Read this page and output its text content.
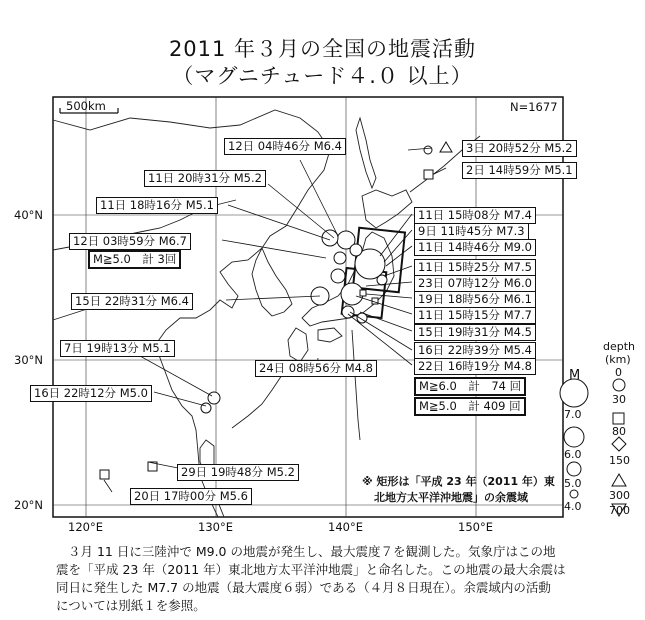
2011 年３月の全国の地震活動
（マグニチュード４.０ 以上）
500km	N=1677
40°N
30°N
20°N
120°E	130°E	140°E	150°E
12日 04時46分 M6.4
11日 20時31分 M5.2
11日 18時16分 M5.1
12日 03時59分 M6.7
M≧5.0　計 3回
15日 22時31分 M6.4
7日 19時13分 M5.1
16日 22時12分 M5.0
24日 08時56分 M4.8
29日 19時48分 M5.2
20日 17時00分 M5.6
3日 20時52分 M5.2
2日 14時59分 M5.1
11日 15時08分 M7.4
9日 11時45分 M7.3
11日 14時46分 M9.0
11日 15時25分 M7.5
23日 07時12分 M6.0
19日 18時56分 M6.1
11日 15時15分 M7.7
15日 19時31分 M4.5
16日 22時39分 M5.4
22日 16時19分 M4.8
M≧6.0　計　74 回
M≧5.0　計 409 回
M
7.0
6.0
5.0
4.0
depth
(km)
0
30
80
150
300
700
※ 矩形は「平成 23 年（2011 年）東
北地方太平洋沖地震」の余震域

３月 11 日に三陸沖で M9.0 の地震が発生し、最大震度７を観測した。気象庁はこの地

震を「平成 23 年（2011 年）東北地方太平洋沖地震」と命名した。この地震の最大余震は

同日に発生した M7.7 の地震（最大震度６弱）である（４月８日現在）。余震域内の活動

については別紙１を参照。
